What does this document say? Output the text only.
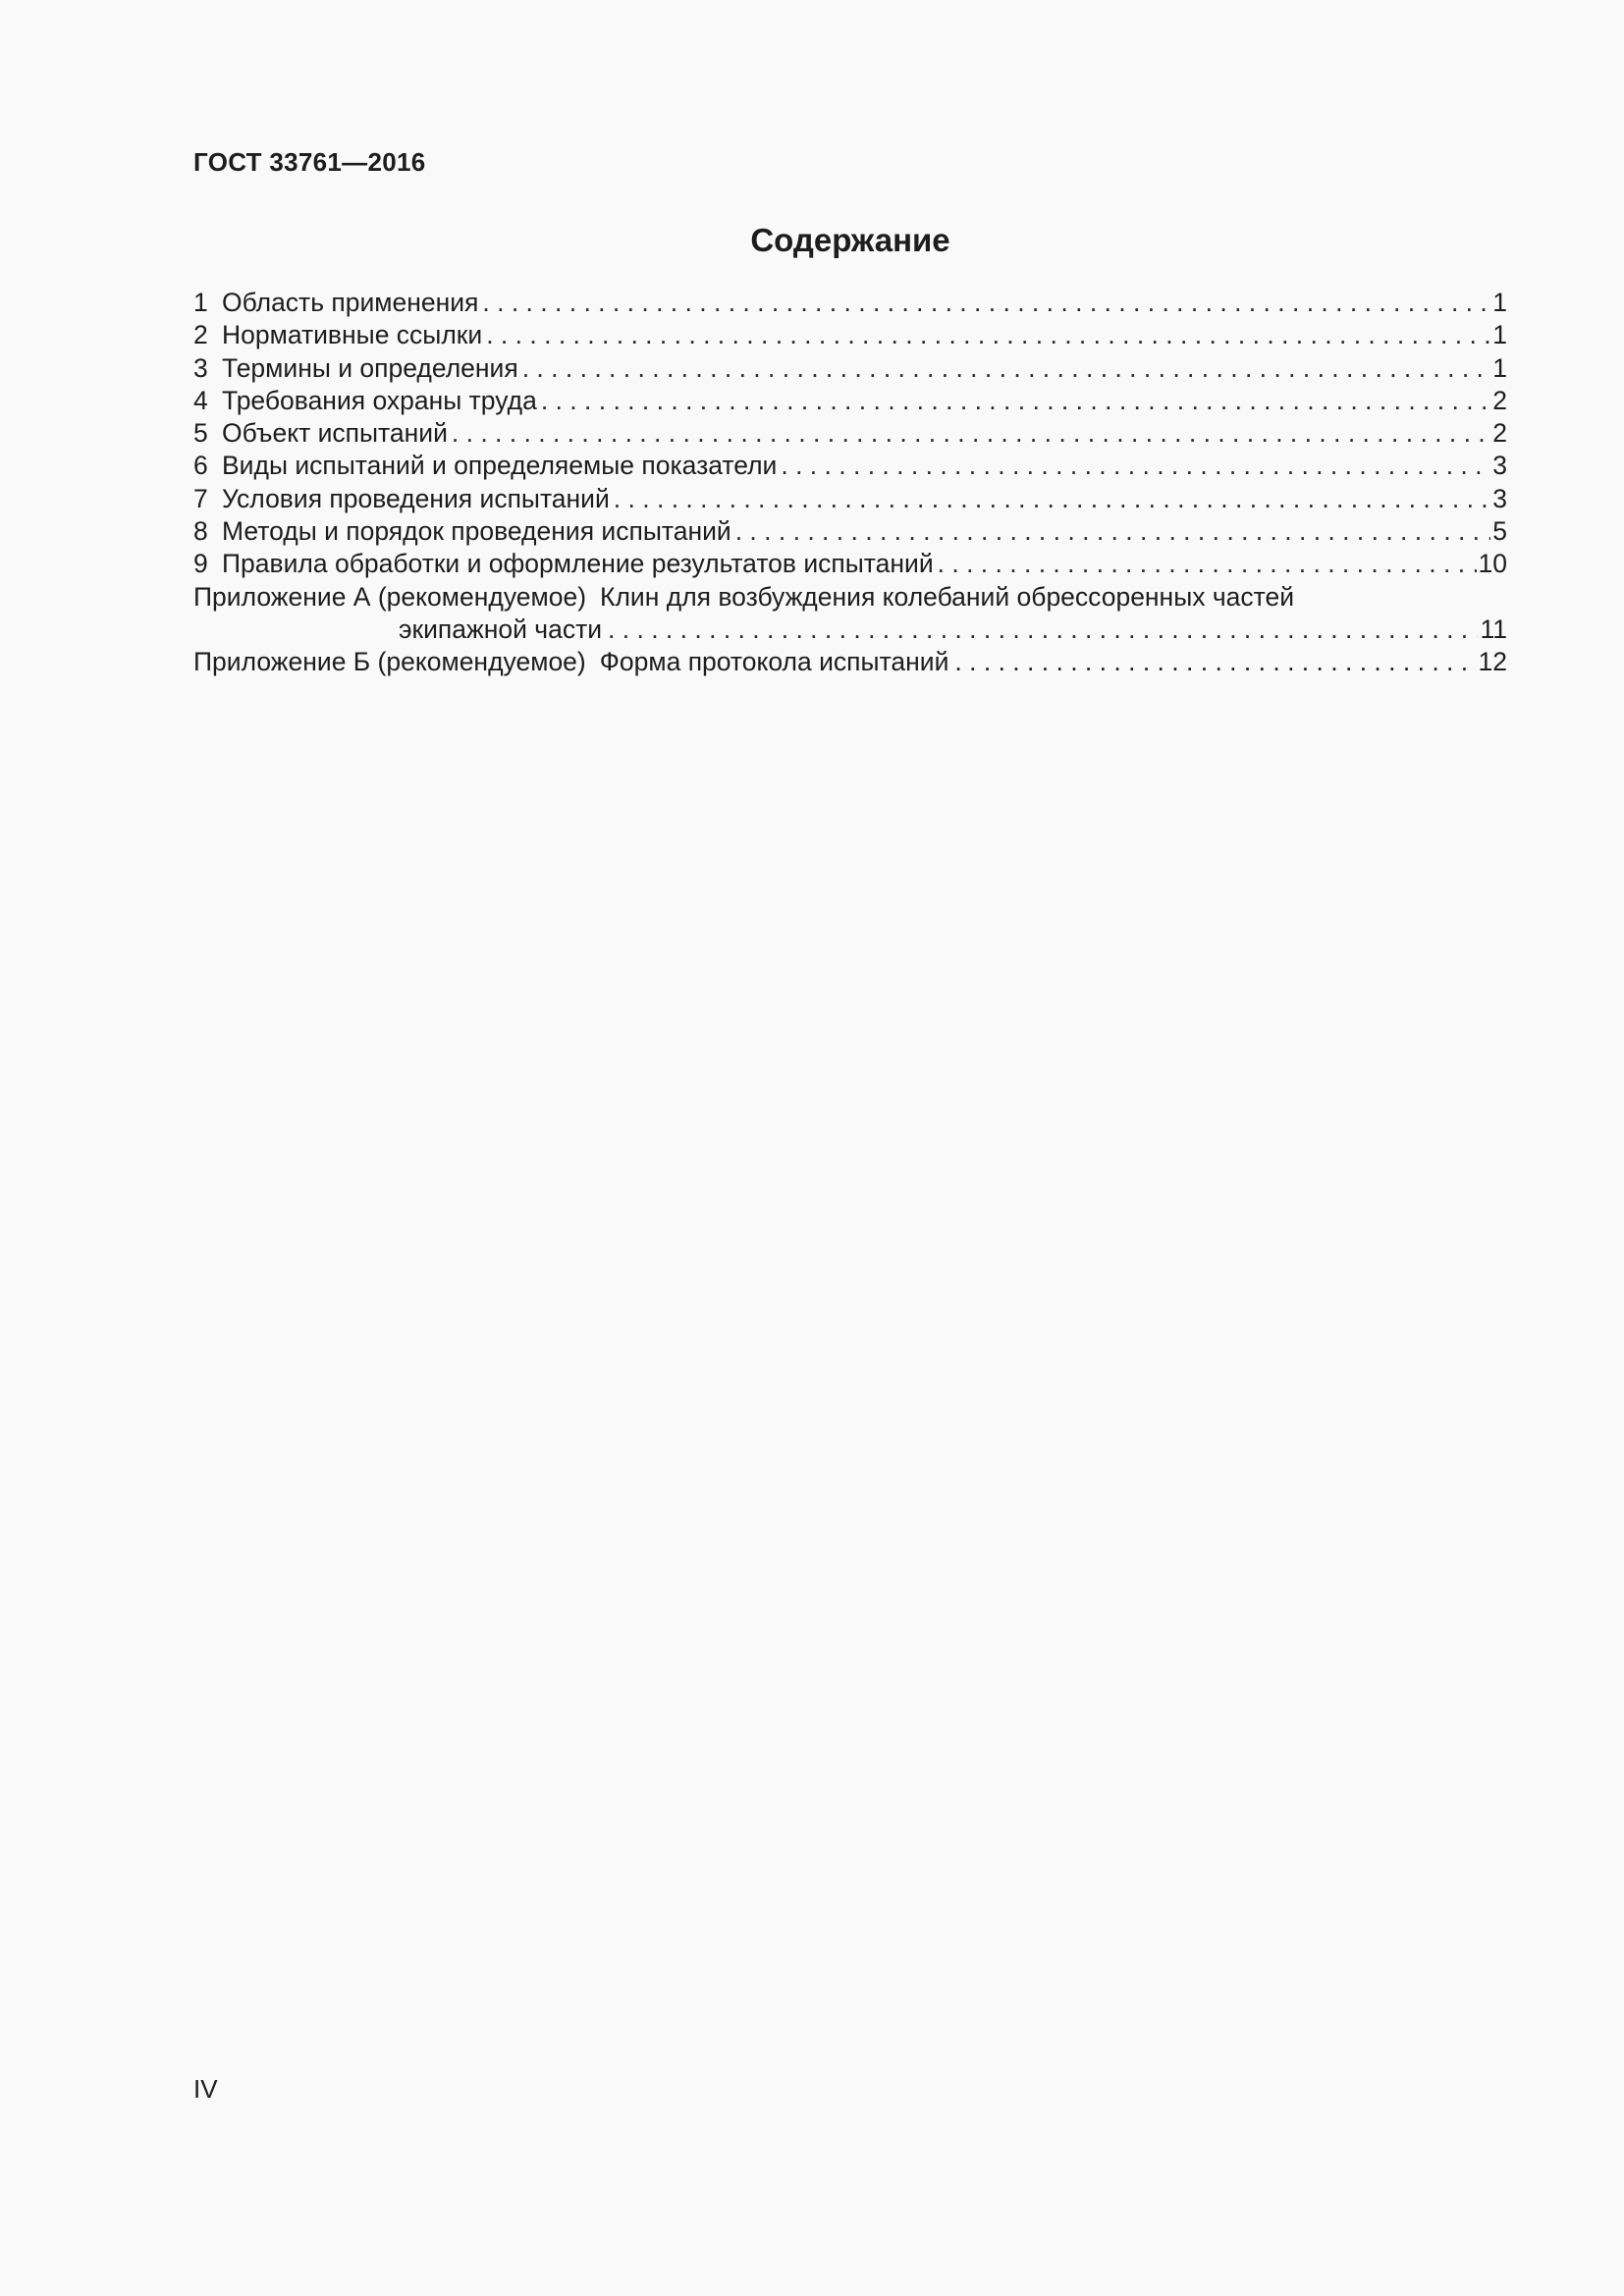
ГОСТ 33761—2016
Содержание
1 Область применения . . .	1
2 Нормативные ссылки . . .	1
3 Термины и определения . . .	1
4 Требования охраны труда . . .	2
5 Объект испытаний . . .	2
6 Виды испытаний и определяемые показатели . . .	3
7 Условия проведения испытаний . . .	3
8 Методы и порядок проведения испытаний . . .	5
9 Правила обработки и оформление результатов испытаний . . .	10
Приложение А (рекомендуемое) Клин для возбуждения колебаний обрессоренных частей
экипажной части . . .	11
Приложение Б (рекомендуемое) Форма протокола испытаний . . .	12
IV
